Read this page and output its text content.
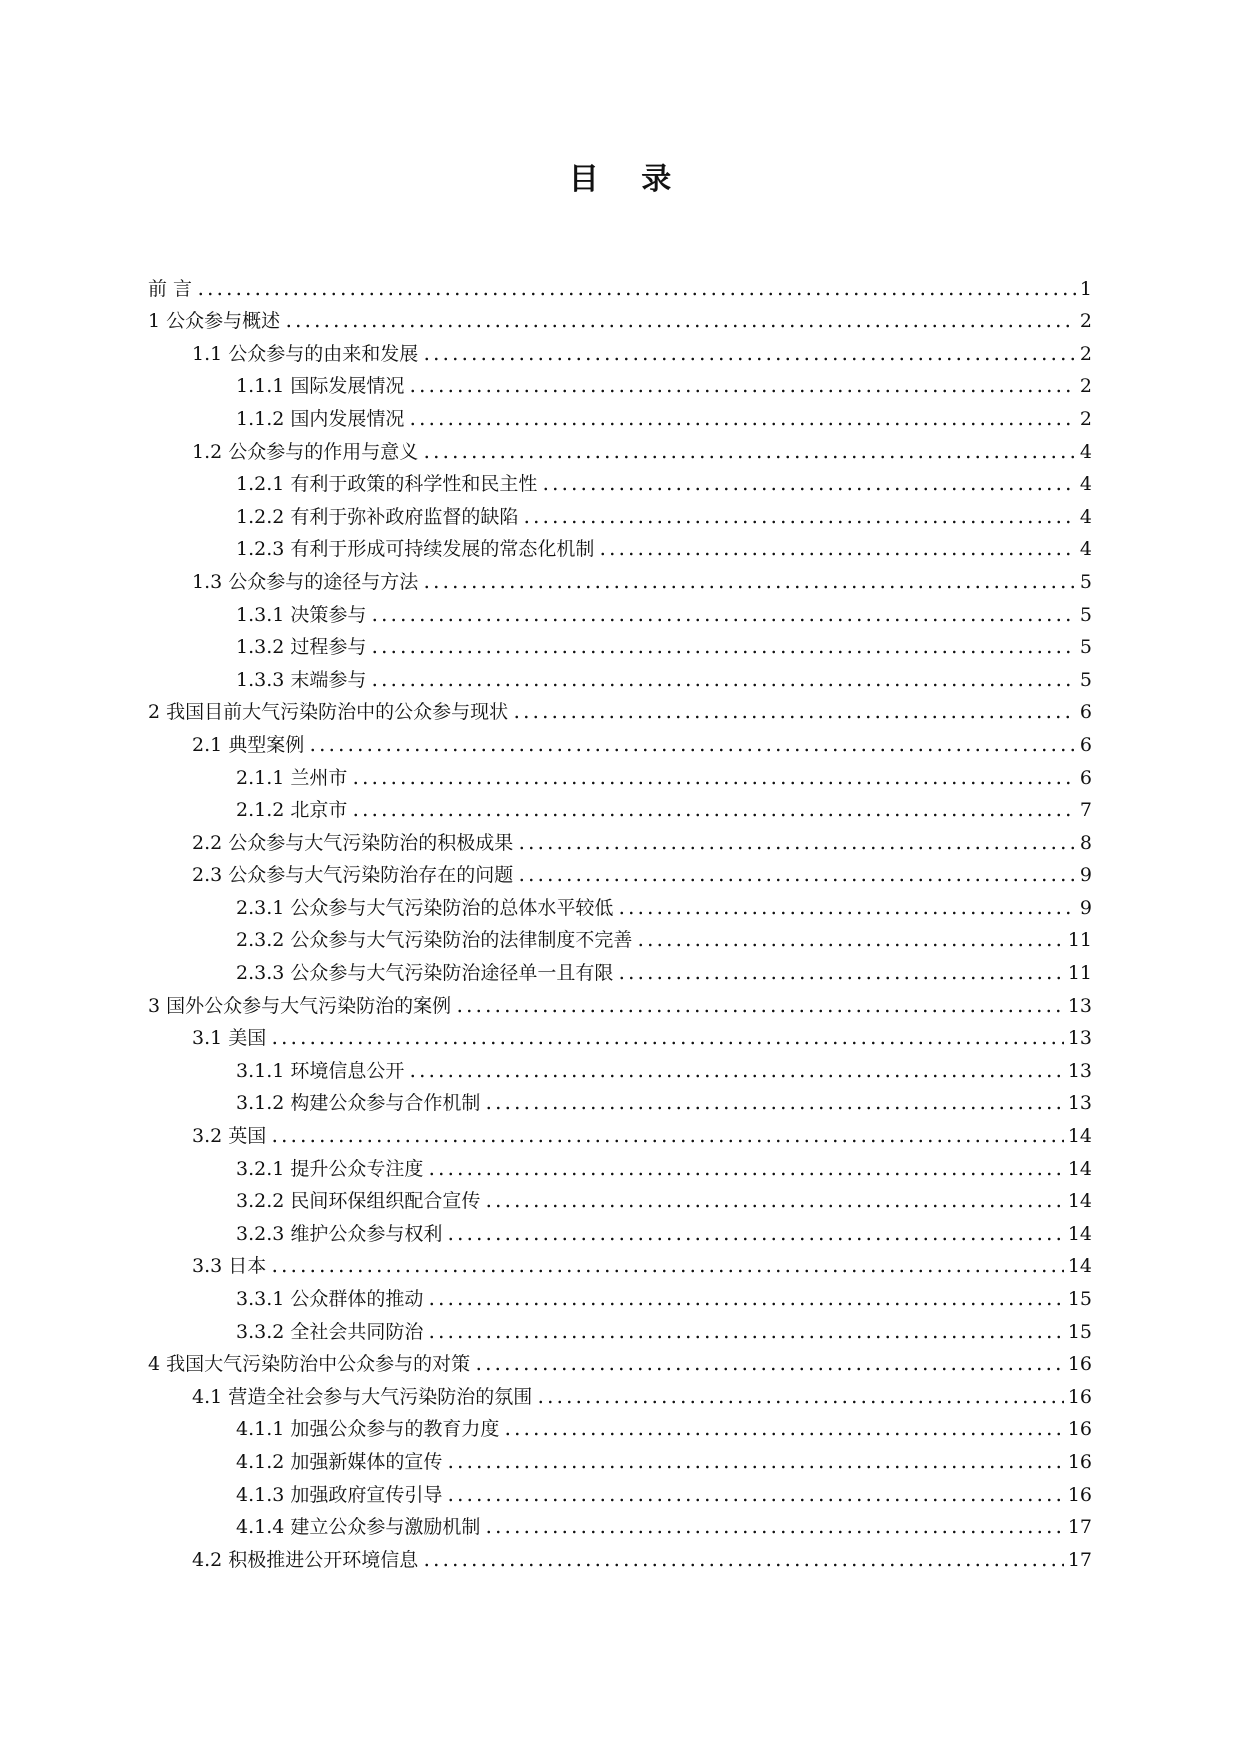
目 录
前 言	1
1 公众参与概述	2
1.1 公众参与的由来和发展	2
1.1.1 国际发展情况	2
1.1.2 国内发展情况	2
1.2 公众参与的作用与意义	4
1.2.1 有利于政策的科学性和民主性	4
1.2.2 有利于弥补政府监督的缺陷	4
1.2.3 有利于形成可持续发展的常态化机制	4
1.3 公众参与的途径与方法	5
1.3.1 决策参与	5
1.3.2 过程参与	5
1.3.3 末端参与	5
2 我国目前大气污染防治中的公众参与现状	6
2.1 典型案例	6
2.1.1 兰州市	6
2.1.2 北京市	7
2.2 公众参与大气污染防治的积极成果	8
2.3 公众参与大气污染防治存在的问题	9
2.3.1 公众参与大气污染防治的总体水平较低	9
2.3.2 公众参与大气污染防治的法律制度不完善	11
2.3.3 公众参与大气污染防治途径单一且有限	11
3 国外公众参与大气污染防治的案例	13
3.1 美国	13
3.1.1 环境信息公开	13
3.1.2 构建公众参与合作机制	13
3.2 英国	14
3.2.1 提升公众专注度	14
3.2.2 民间环保组织配合宣传	14
3.2.3 维护公众参与权利	14
3.3 日本	14
3.3.1 公众群体的推动	15
3.3.2 全社会共同防治	15
4 我国大气污染防治中公众参与的对策	16
4.1 营造全社会参与大气污染防治的氛围	16
4.1.1 加强公众参与的教育力度	16
4.1.2 加强新媒体的宣传	16
4.1.3 加强政府宣传引导	16
4.1.4 建立公众参与激励机制	17
4.2 积极推进公开环境信息	17
